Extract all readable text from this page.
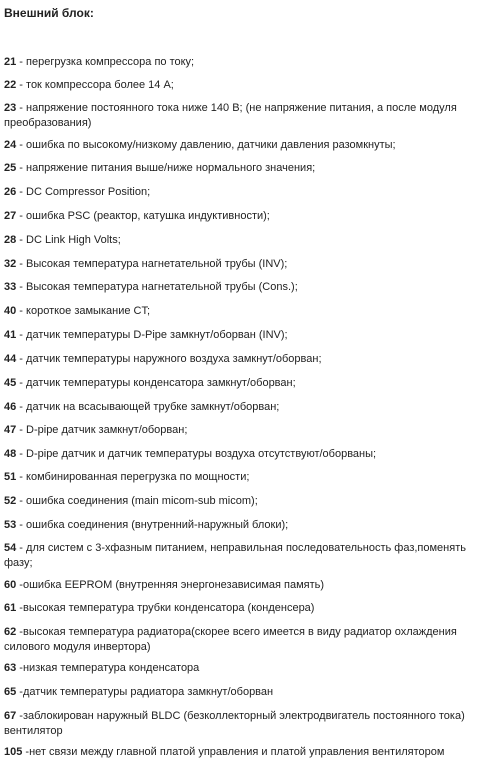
Внешний блок:
21 - перегрузка компрессора по току;
22 - ток компрессора более 14 А;
23 - напряжение постоянного тока ниже 140 В; (не напряжение питания, а после модуля преобразования)
24 - ошибка по высокому/низкому давлению, датчики давления разомкнуты;
25 - напряжение питания выше/ниже нормального значения;
26 - DC Compressor Position;
27 - ошибка PSC (реактор, катушка индуктивности);
28 - DC Link High Volts;
32 - Высокая температура нагнетательной трубы (INV);
33 - Высокая температура нагнетательной трубы (Cons.);
40 - короткое замыкание CT;
41 - датчик температуры D-Pipe замкнут/оборван (INV);
44 - датчик температуры наружного воздуха замкнут/оборван;
45 - датчик температуры конденсатора замкнут/оборван;
46 - датчик на всасывающей трубке замкнут/оборван;
47 - D-pipe датчик замкнут/оборван;
48 - D-pipe датчик и датчик температуры воздуха отсутствуют/оборваны;
51 - комбинированная перегрузка по мощности;
52 - ошибка соединения (main micom-sub micom);
53 - ошибка соединения (внутренний-наружный блоки);
54 - для систем с 3-хфазным питанием, неправильная последовательность фаз,поменять фазу;
60 -ошибка EEPROM (внутренняя энергонезависимая память)
61 -высокая температура трубки конденсатора (конденсера)
62 -высокая температура радиатора(скорее всего имеется в виду радиатор охлаждения силового модуля инвертора)
63 -низкая температура конденсатора
65 -датчик температуры радиатора замкнут/оборван
67 -заблокирован наружный BLDC (безколлекторный электродвигатель постоянного тока) вентилятор
105 -нет связи между главной платой управления и платой управления вентилятором
